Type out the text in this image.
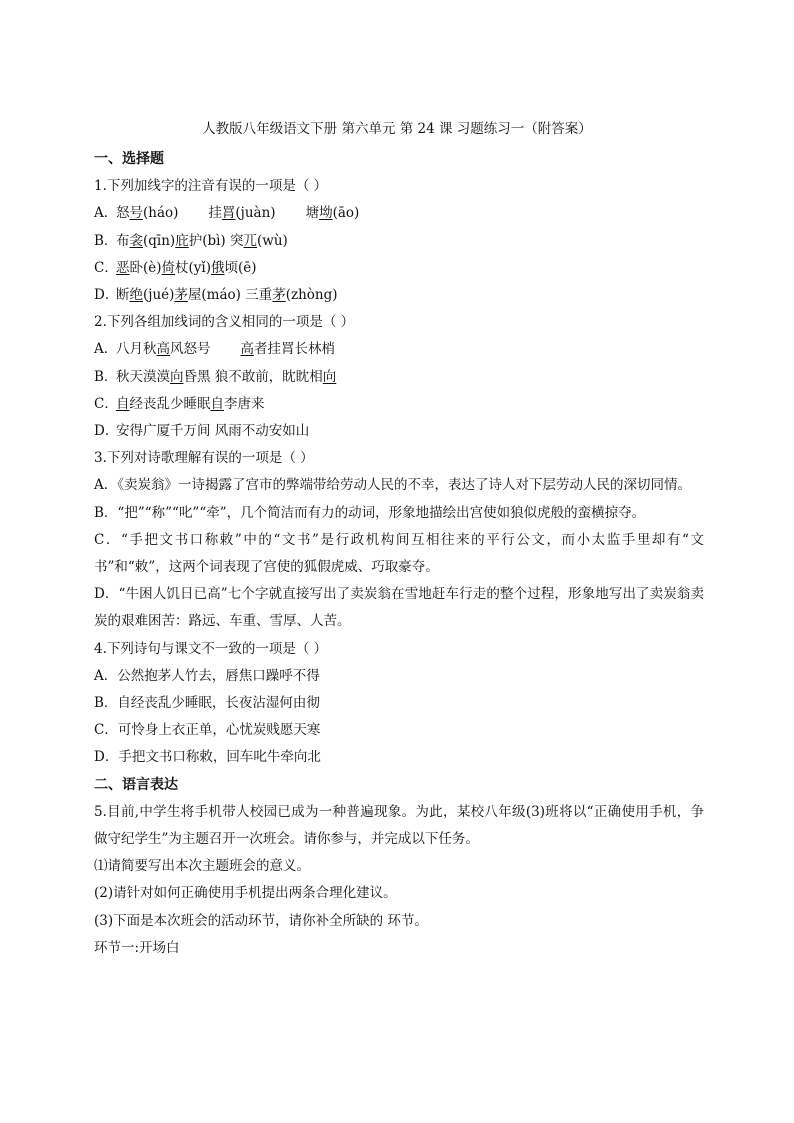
人教版八年级语文下册 第六单元 第 24 课 习题练习一（附答案）
一、选择题
1.下列加线字的注音有误的一项是（ ）
A．怒号(háo) 挂罥(juàn) 塘坳(āo)
B．布衾(qīn)庇护(bì) 突兀(wù)
C．恶卧(è)倚杖(yǐ)俄顷(ē)
D．断绝(jué)茅屋(máo) 三重茅(zhòng)
2.下列各组加线词的含义相同的一项是（ ）
A．八月秋高风怒号 高者挂罥长林梢
B．秋天漠漠向昏黑 狼不敢前，眈眈相向
C．自经丧乱少睡眠自李唐来
D．安得广厦千万间 风雨不动安如山
3.下列对诗歌理解有误的一项是（ ）
A．《卖炭翁》一诗揭露了宫市的弊端带给劳动人民的不幸，表达了诗人对下层劳动人民的深切同情。
B．“把”“称”“叱”“牵”，几个简洁而有力的动词，形象地描绘出宫使如狼似虎般的蛮横掠夺。
C．“手把文书口称敕”中的“文书”是行政机构间互相往来的平行公文，而小太监手里却有“文书”和“敕”，这两个词表现了宫使的狐假虎威、巧取豪夺。
D．“牛困人饥日已高”七个字就直接写出了卖炭翁在雪地赶车行走的整个过程，形象地写出了卖炭翁卖炭的艰难困苦：路远、车重、雪厚、人苦。
4.下列诗句与课文不一致的一项是（ ）
A．公然抱茅人竹去，唇焦口躁呼不得
B．自经丧乱少睡眠，长夜沾湿何由彻
C．可怜身上衣正单，心忧炭贱愿天寒
D．手把文书口称敕，回车叱牛牵向北
二、语言表达
5.目前,中学生将手机带人校园已成为一种普遍现象。为此，某校八年级(3)班将以“正确使用手机，争做守纪学生”为主题召开一次班会。请你参与，并完成以下任务。
⑴请简要写出本次主题班会的意义。
(2)请针对如何正确使用手机提出两条合理化建议。
(3)下面是本次班会的活动环节，请你补全所缺的 环节。
环节一:开场白
